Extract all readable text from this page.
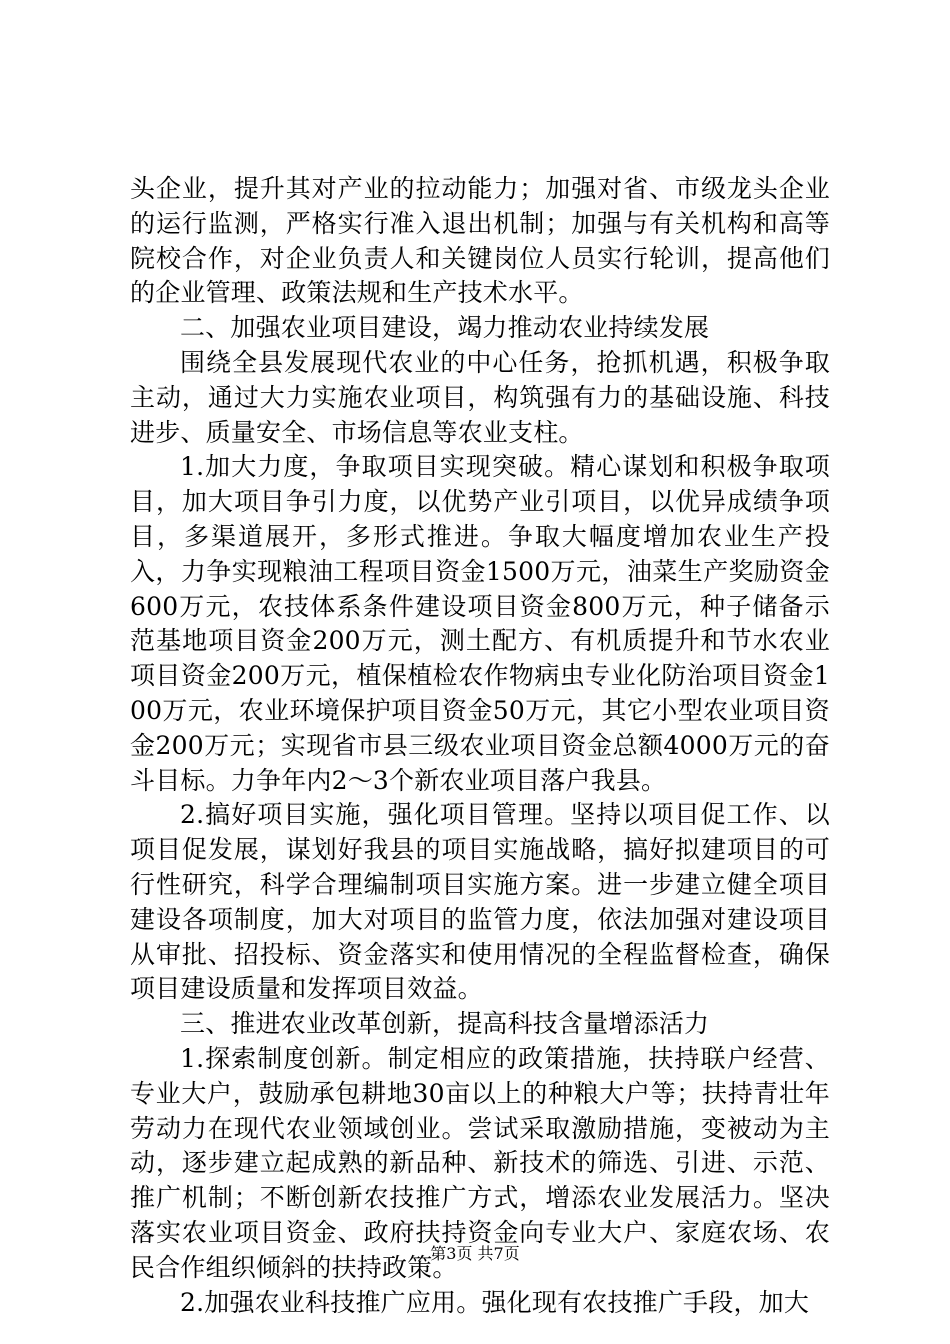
头企业，提升其对产业的拉动能力；加强对省、市级龙头企业的运行监测，严格实行准入退出机制；加强与有关机构和高等院校合作，对企业负责人和关键岗位人员实行轮训，提高他们的企业管理、政策法规和生产技术水平。

二、加强农业项目建设，竭力推动农业持续发展

围绕全县发展现代农业的中心任务，抢抓机遇，积极争取主动，通过大力实施农业项目，构筑强有力的基础设施、科技进步、质量安全、市场信息等农业支柱。

1.加大力度，争取项目实现突破。精心谋划和积极争取项目，加大项目争引力度，以优势产业引项目，以优异成绩争项目，多渠道展开，多形式推进。争取大幅度增加农业生产投入，力争实现粮油工程项目资金1500万元，油菜生产奖励资金600万元，农技体系条件建设项目资金800万元，种子储备示范基地项目资金200万元，测土配方、有机质提升和节水农业项目资金200万元，植保植检农作物病虫专业化防治项目资金100万元，农业环境保护项目资金50万元，其它小型农业项目资金200万元；实现省市县三级农业项目资金总额4000万元的奋斗目标。力争年内2～3个新农业项目落户我县。

2.搞好项目实施，强化项目管理。坚持以项目促工作、以项目促发展，谋划好我县的项目实施战略，搞好拟建项目的可行性研究，科学合理编制项目实施方案。进一步建立健全项目建设各项制度，加大对项目的监管力度，依法加强对建设项目从审批、招投标、资金落实和使用情况的全程监督检查，确保项目建设质量和发挥项目效益。

三、推进农业改革创新，提高科技含量增添活力

1.探索制度创新。制定相应的政策措施，扶持联户经营、专业大户，鼓励承包耕地30亩以上的种粮大户等；扶持青壮年劳动力在现代农业领域创业。尝试采取激励措施，变被动为主动，逐步建立起成熟的新品种、新技术的筛选、引进、示范、推广机制；不断创新农技推广方式，增添农业发展活力。坚决落实农业项目资金、政府扶持资金向专业大户、家庭农场、农民合作组织倾斜的扶持政策。

2.加强农业科技推广应用。强化现有农技推广手段，加大

第3页 共7页
